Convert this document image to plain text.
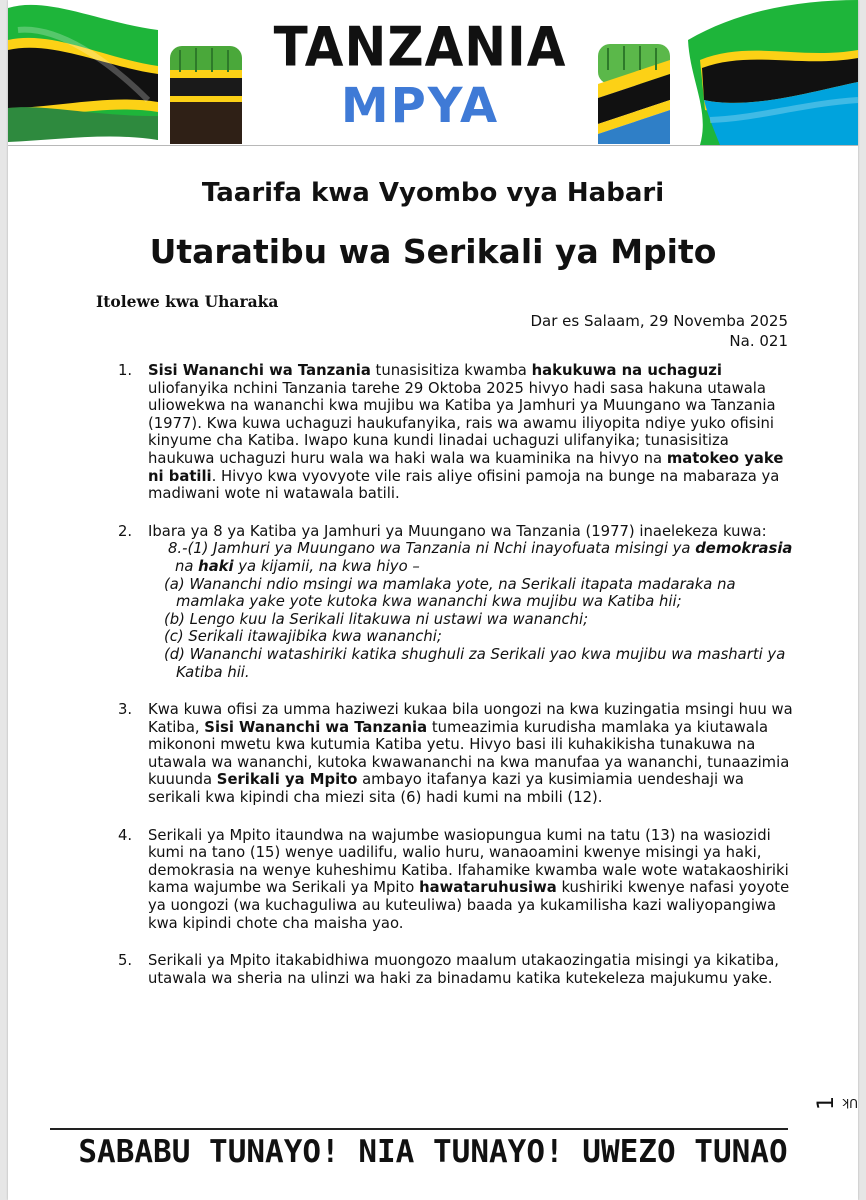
TANZANIA
MPYA
Taarifa kwa Vyombo vya Habari
Utaratibu wa Serikali ya Mpito
Itolewe kwa Uharaka
Dar es Salaam, 29 Novemba 2025
Na. 021
1. Sisi Wananchi wa Tanzania tunasisitiza kwamba hakukuwa na uchaguzi uliofanyika nchini Tanzania tarehe 29 Oktoba 2025 hivyo hadi sasa hakuna utawala uliowekwa na wananchi kwa mujibu wa Katiba ya Jamhuri ya Muungano wa Tanzania (1977). Kwa kuwa uchaguzi haukufanyika, rais wa awamu iliyopita ndiye yuko ofisini kinyume cha Katiba. Iwapo kuna kundi linadai uchaguzi ulifanyika; tunasisitiza haukuwa uchaguzi huru wala wa haki wala wa kuaminika na hivyo na matokeo yake ni batili. Hivyo kwa vyovyote vile rais aliye ofisini pamoja na bunge na mabaraza ya madiwani wote ni watawala batili.
2. Ibara ya 8 ya Katiba ya Jamhuri ya Muungano wa Tanzania (1977) inaelekeza kuwa:
8.-(1) Jamhuri ya Muungano wa Tanzania ni Nchi inayofuata misingi ya demokrasia na haki ya kijamii, na kwa hiyo –
(a) Wananchi ndio msingi wa mamlaka yote, na Serikali itapata madaraka na mamlaka yake yote kutoka kwa wananchi kwa mujibu wa Katiba hii;
(b) Lengo kuu la Serikali litakuwa ni ustawi wa wananchi;
(c) Serikali itawajibika kwa wananchi;
(d) Wananchi watashiriki katika shughuli za Serikali yao kwa mujibu wa masharti ya Katiba hii.
3. Kwa kuwa ofisi za umma haziwezi kukaa bila uongozi na kwa kuzingatia msingi huu wa Katiba, Sisi Wananchi wa Tanzania tumeazimia kurudisha mamlaka ya kiutawala mikononi mwetu kwa kutumia Katiba yetu. Hivyo basi ili kuhakikisha tunakuwa na utawala wa wananchi, kutoka kwawananchi na kwa manufaa ya wananchi, tunaazimia kuuunda Serikali ya Mpito ambayo itafanya kazi ya kusimiamia uendeshaji wa serikali kwa kipindi cha miezi sita (6) hadi kumi na mbili (12).
4. Serikali ya Mpito itaundwa na wajumbe wasiopungua kumi na tatu (13) na wasiozidi kumi na tano (15) wenye uadilifu, walio huru, wanaoamini kwenye misingi ya haki, demokrasia na wenye kuheshimu Katiba. Ifahamike kwamba wale wote watakaoshiriki kama wajumbe wa Serikali ya Mpito hawataruhusiwa kushiriki kwenye nafasi yoyote ya uongozi (wa kuchaguliwa au kuteuliwa) baada ya kukamilisha kazi waliyopangiwa kwa kipindi chote cha maisha yao.
5. Serikali ya Mpito itakabidhiwa muongozo maalum utakaozingatia misingi ya kikatiba, utawala wa sheria na ulinzi wa haki za binadamu katika kutekeleza majukumu yake.
Uk
1
SABABU TUNAYO! NIA TUNAYO! UWEZO TUNAO
